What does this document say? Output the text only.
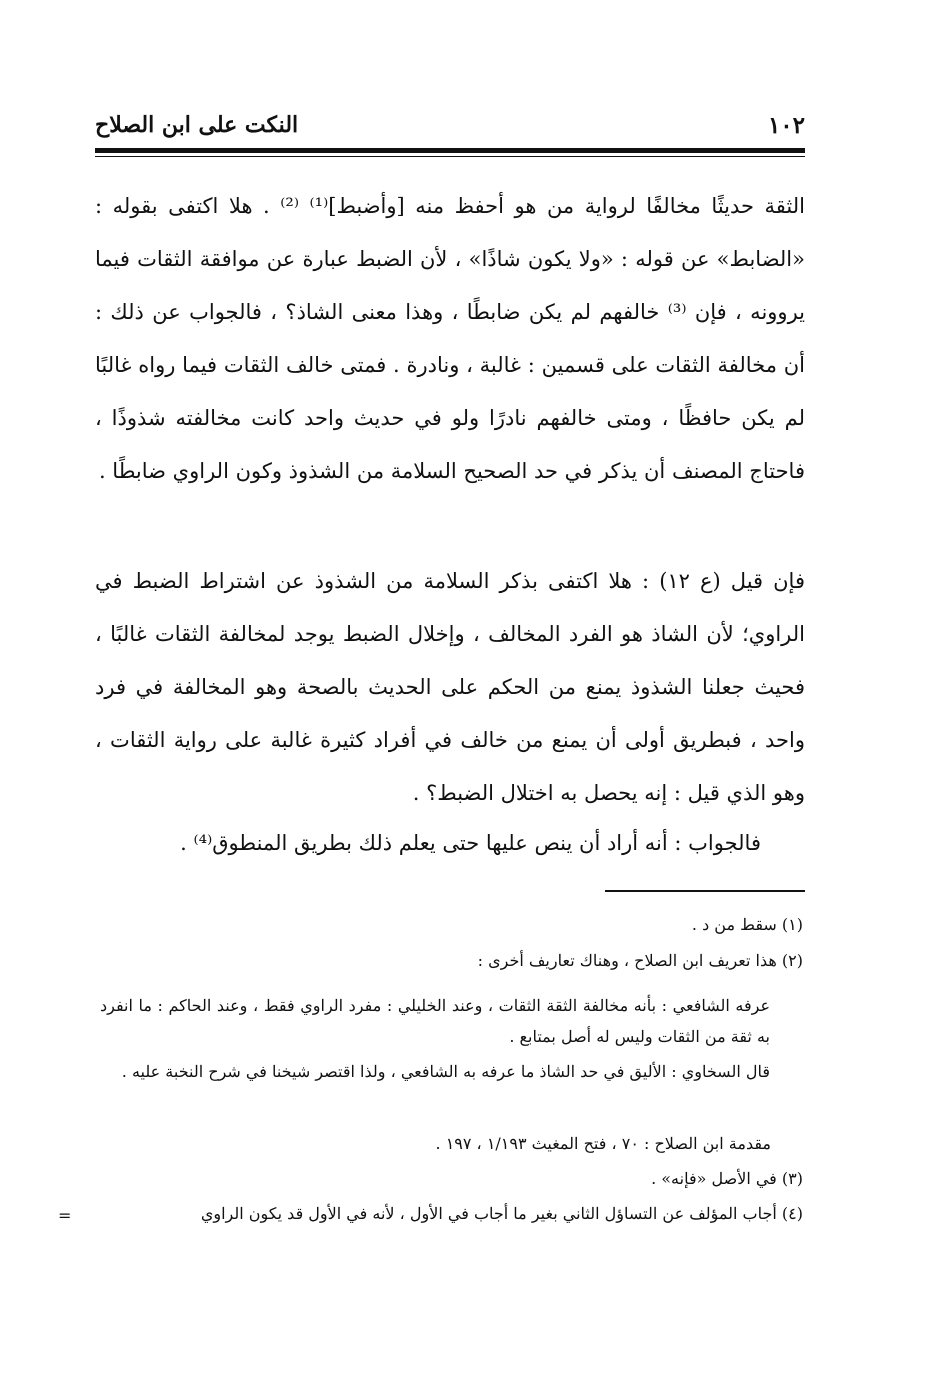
١٠٢
النكت على ابن الصلاح

الثقة حديثًا مخالفًا لرواية من هو أحفظ منه [وأضبط]⁽¹⁾ ⁽²⁾ . هلا اكتفى بقوله : «الضابط» عن قوله : «ولا يكون شاذًا» ، لأن الضبط عبارة عن موافقة الثقات فيما يروونه ، فإن ⁽³⁾ خالفهم لم يكن ضابطًا ، وهذا معنى الشاذ؟ ، فالجواب عن ذلك : أن مخالفة الثقات على قسمين : غالبة ، ونادرة . فمتى خالف الثقات فيما رواه غالبًا لم يكن حافظًا ، ومتى خالفهم نادرًا ولو في حديث واحد كانت مخالفته شذوذًا ، فاحتاج المصنف أن يذكر في حد الصحيح السلامة من الشذوذ وكون الراوي ضابطًا .

فإن قيل (ع ١٢) : هلا اكتفى بذكر السلامة من الشذوذ عن اشتراط الضبط في الراوي؛ لأن الشاذ هو الفرد المخالف ، وإخلال الضبط يوجد لمخالفة الثقات غالبًا ، فحيث جعلنا الشذوذ يمنع من الحكم على الحديث بالصحة وهو المخالفة في فرد واحد ، فبطريق أولى أن يمنع من خالف في أفراد كثيرة غالبة على رواية الثقات ، وهو الذي قيل : إنه يحصل به اختلال الضبط؟ .

فالجواب : أنه أراد أن ينص عليها حتى يعلم ذلك بطريق المنطوق⁽⁴⁾ .

(١) سقط من د .

(٢) هذا تعريف ابن الصلاح ، وهناك تعاريف أخرى :

عرفه الشافعي : بأنه مخالفة الثقة الثقات ، وعند الخليلي : مفرد الراوي فقط ، وعند الحاكم : ما انفرد به ثقة من الثقات وليس له أصل بمتابع .

قال السخاوي : الأليق في حد الشاذ ما عرفه به الشافعي ، ولذا اقتصر شيخنا في شرح النخبة عليه .

مقدمة ابن الصلاح : ٧٠ ، فتح المغيث ١/١٩٣ ، ١٩٧ .

(٣) في الأصل «فإنه» .

(٤) أجاب المؤلف عن التساؤل الثاني بغير ما أجاب في الأول ، لأنه في الأول قد يكون الراوي

=
